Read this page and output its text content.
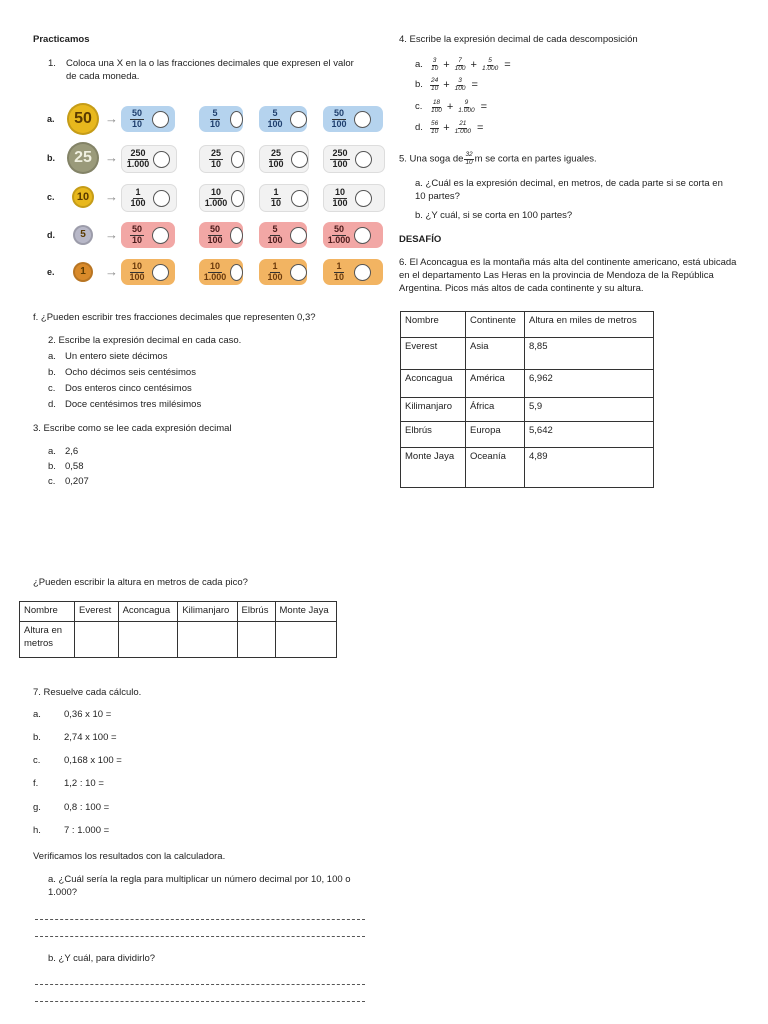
Practicamos
1. Coloca una X en la o las fracciones decimales que expresen el valor de cada moneda.
a. $50 \to \frac{50}{10}$	$\frac{5}{10}$	$\frac{5}{100}$	$\frac{50}{100}$
b. $25 \to \frac{250}{1.000}$	$\frac{25}{10}$	$\frac{25}{100}$	$\frac{250}{100}$
c. $10 \to \frac{1}{100}$	$\frac{10}{1.000}$	$\frac{1}{10}$	$\frac{10}{100}$
d.	$5 \to \frac{50}{10}$	$\frac{50}{100}$	$\frac{5}{100}$	$\frac{50}{1.000}$
e.	$1 \to \frac{10}{100}$	$\frac{10}{1.000}$	$\frac{1}{100}$	$\frac{1}{10}$
f. ¿Pueden escribir tres fracciones decimales que representen 0,3?
2. Escribe la expresión decimal en cada caso.
a. Un entero siete décimos
b. Ocho décimos seis centésimos
c. Dos enteros cinco centésimos
d. Doce centésimos tres milésimos
3. Escribe como se lee cada expresión decimal
a. 2,6
b. 0,58
c. 0,207
¿Pueden escribir la altura en metros de cada pico?
Nombre	Everest	Aconcagua	Kilimanjaro	Elbrús	Monte Jaya
Altura en metros					
7. Resuelve cada cálculo.
a. 0,36 x 10 =
b. 2,74 x 100 =
c. 0,168 x 100 =
f.	1,2 : 10 =
g. 0,8 : 100 =
h. 7 : 1.000 =
Verificamos los resultados con la calculadora.
a. ¿Cuál sería la regla para multiplicar un número decimal por 10, 100 o 1.000?
b. ¿Y cuál, para dividirlo?
4. Escribe la expresión decimal de cada descomposición
a.	$\frac{3}{10} + \frac{7}{100} + \frac{5}{1.000}$ =
b.	$\frac{24}{10} + \frac{3}{100}$ =
c.	$\frac{18}{100} + \frac{9}{1.000}$ =
d.	$\frac{56}{10} + \frac{21}{1.000}$ =
5. Una soga de $\frac{32}{10}$ m se corta en partes iguales.
a. ¿Cuál es la expresión decimal, en metros, de cada parte si se corta en 10 partes?
b. ¿Y cuál, si se corta en 100 partes?
DESAFÍO
6. El Aconcagua es la montaña más alta del continente americano, está ubicada en el departamento Las Heras en la provincia de Mendoza de la República Argentina. Picos más altos de cada continente y su altura.
Nombre	Continente	Altura en miles de metros
Everest	Asia	8,85
Aconcagua	América	6,962
Kilimanjaro	África	5,9
Elbrús	Europa	5,642
Monte Jaya	Oceanía	4,89
